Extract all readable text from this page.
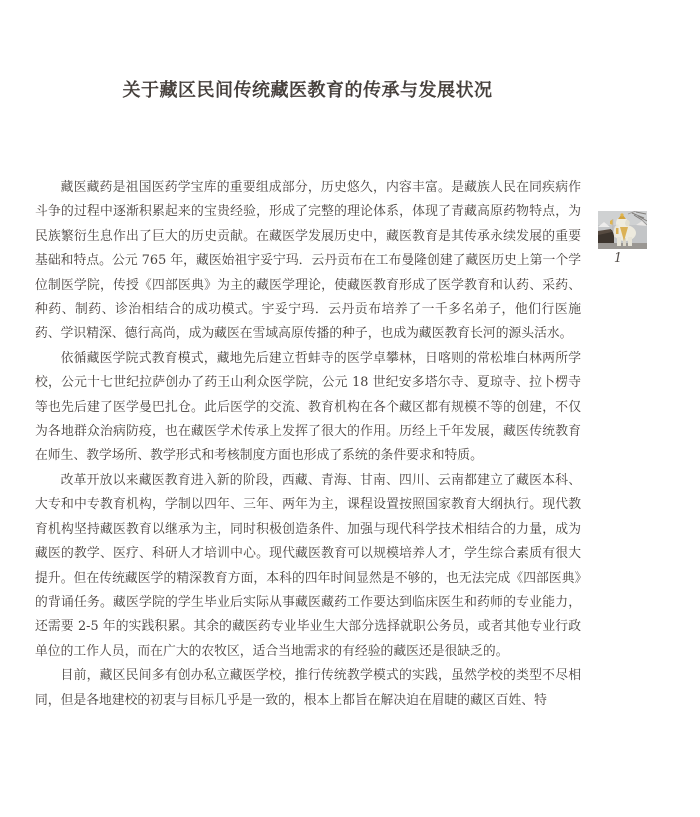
关于藏区民间传统藏医教育的传承与发展状况

藏医藏药是祖国医药学宝库的重要组成部分，历史悠久，内容丰富。是藏族人民在同疾病作斗争的过程中逐渐积累起来的宝贵经验，形成了完整的理论体系，体现了青藏高原药物特点，为民族繁衍生息作出了巨大的历史贡献。在藏医学发展历史中，藏医教育是其传承永续发展的重要基础和特点。公元 765 年，藏医始祖宇妥宁玛．云丹贡布在工布曼隆创建了藏医历史上第一个学位制医学院，传授《四部医典》为主的藏医学理论，使藏医教育形成了医学教育和认药、采药、种药、制药、诊治相结合的成功模式。宇妥宁玛．云丹贡布培养了一千多名弟子，他们行医施药、学识精深、德行高尚，成为藏医在雪域高原传播的种子，也成为藏医教育长河的源头活水。

依循藏医学院式教育模式，藏地先后建立哲蚌寺的医学卓攀林，日喀则的常松堆白林两所学校，公元十七世纪拉萨创办了药王山利众医学院，公元 18 世纪安多塔尔寺、夏琼寺、拉卜楞寺等也先后建了医学曼巴扎仓。此后医学的交流、教育机构在各个藏区都有规模不等的创建，不仅为各地群众治病防疫，也在藏医学术传承上发挥了很大的作用。历经上千年发展，藏医传统教育在师生、教学场所、教学形式和考核制度方面也形成了系统的条件要求和特质。

改革开放以来藏医教育进入新的阶段，西藏、青海、甘南、四川、云南都建立了藏医本科、大专和中专教育机构，学制以四年、三年、两年为主，课程设置按照国家教育大纲执行。现代教育机构坚持藏医教育以继承为主，同时积极创造条件、加强与现代科学技术相结合的力量，成为藏医的教学、医疗、科研人才培训中心。现代藏医教育可以规模培养人才，学生综合素质有很大提升。但在传统藏医学的精深教育方面，本科的四年时间显然是不够的，也无法完成《四部医典》的背诵任务。藏医学院的学生毕业后实际从事藏医藏药工作要达到临床医生和药师的专业能力，还需要 2-5 年的实践积累。其余的藏医药专业毕业生大部分选择就职公务员，或者其他专业行政单位的工作人员，而在广大的农牧区，适合当地需求的有经验的藏医还是很缺乏的。

目前，藏区民间多有创办私立藏医学校，推行传统教学模式的实践，虽然学校的类型不尽相同，但是各地建校的初衷与目标几乎是一致的，根本上都旨在解决迫在眉睫的藏区百姓、特

1
